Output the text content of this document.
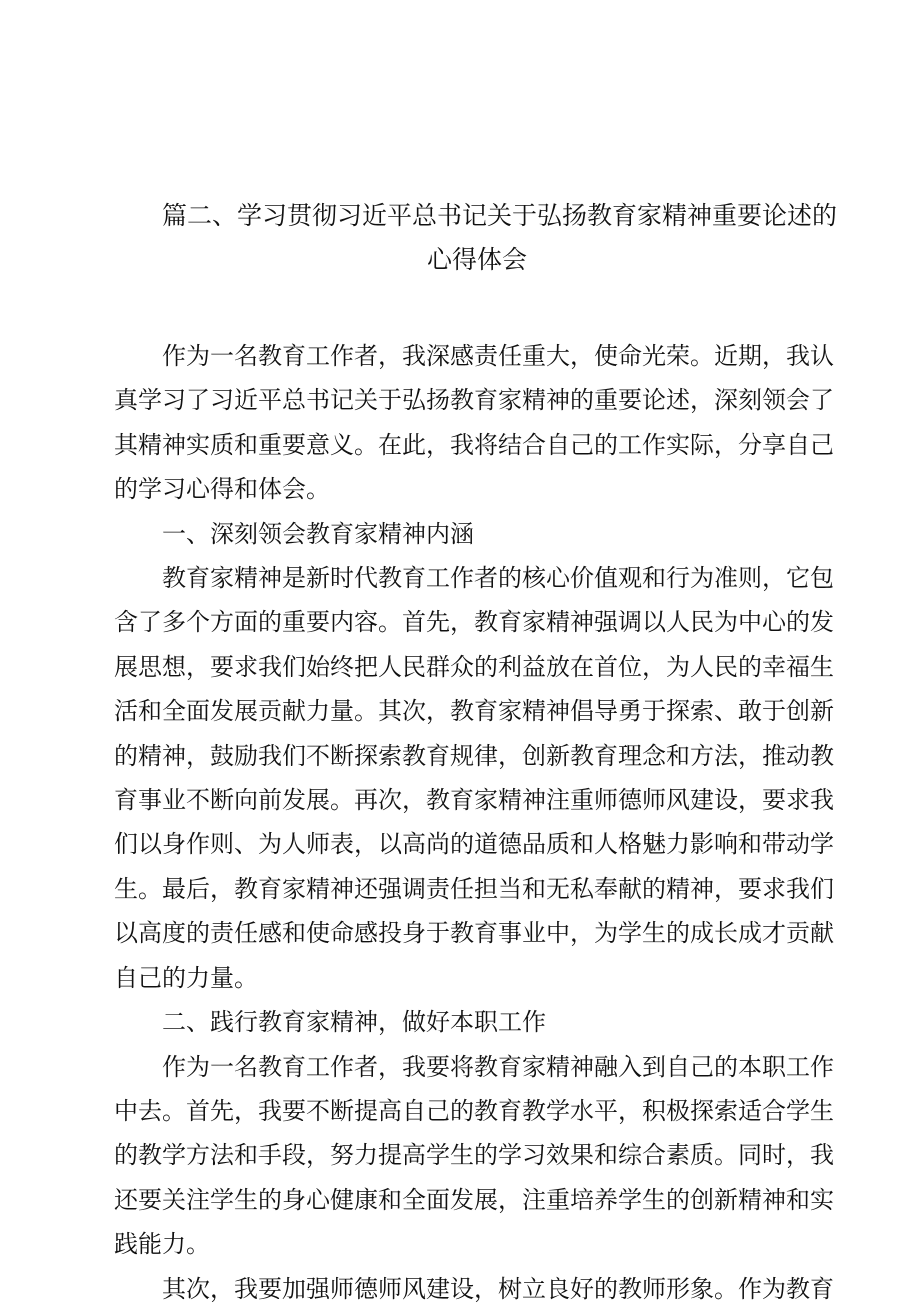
篇二、学习贯彻习近平总书记关于弘扬教育家精神重要论述的
心得体会

作为一名教育工作者，我深感责任重大，使命光荣。近期，我认真学习了习近平总书记关于弘扬教育家精神的重要论述，深刻领会了其精神实质和重要意义。在此，我将结合自己的工作实际，分享自己的学习心得和体会。

一、深刻领会教育家精神内涵

教育家精神是新时代教育工作者的核心价值观和行为准则，它包含了多个方面的重要内容。首先，教育家精神强调以人民为中心的发展思想，要求我们始终把人民群众的利益放在首位，为人民的幸福生活和全面发展贡献力量。其次，教育家精神倡导勇于探索、敢于创新的精神，鼓励我们不断探索教育规律，创新教育理念和方法，推动教育事业不断向前发展。再次，教育家精神注重师德师风建设，要求我们以身作则、为人师表，以高尚的道德品质和人格魅力影响和带动学生。最后，教育家精神还强调责任担当和无私奉献的精神，要求我们以高度的责任感和使命感投身于教育事业中，为学生的成长成才贡献自己的力量。

二、践行教育家精神，做好本职工作

作为一名教育工作者，我要将教育家精神融入到自己的本职工作中去。首先，我要不断提高自己的教育教学水平，积极探索适合学生的教学方法和手段，努力提高学生的学习效果和综合素质。同时，我还要关注学生的身心健康和全面发展，注重培养学生的创新精神和实践能力。

其次，我要加强师德师风建设，树立良好的教师形象。作为教育
